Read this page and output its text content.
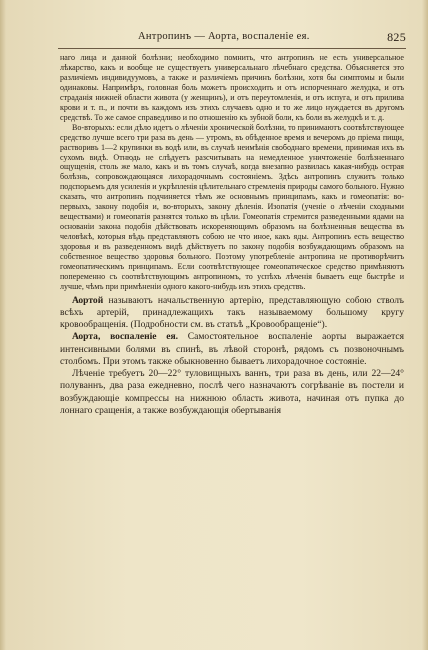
Антропинъ — Аорта, воспаленіе ея.	825

наго лица и данной болѣзни; необходимо помнить, что антропинъ не есть универсальное лѣкарство, какъ и вообще не существуетъ универсальнаго лѣчебнаго средства. Объясняется это различіемъ индивидуумовъ, а также и различіемъ причинъ болѣзни, хотя бы симптомы и были одинаковы. Напримѣръ, головная боль можетъ происходить и отъ испорченнаго желудка, и отъ страданія нижней области живота (у женщинъ), и отъ переутомленія, и отъ испуга, и отъ прилива крови и т. п., и почти въ каждомъ изъ этихъ случаевъ одно и то же лицо нуждается въ другомъ средствѣ. То же самое справедливо и по отношенію къ зубной боли, къ боли въ желудкѣ и т. д.

Во-вторыхъ: если дѣло идетъ о лѣченіи хронической болѣзни, то принимаютъ соотвѣтствующее средство лучше всего три раза въ день — утромъ, въ обѣденное время и вечеромъ до пріема пищи, растворивъ 1—2 крупинки въ водѣ или, въ случаѣ неимѣнія свободнаго времени, принимая ихъ въ сухомъ видѣ. Отнюдь не слѣдуетъ разсчитывать на немедленное уничтоженіе болѣзненнаго ощущенія, столь же мало, какъ и въ томъ случаѣ, когда внезапно развилась какая-нибудь острая болѣзнь, сопровождающаяся лихорадочнымъ состояніемъ. Здѣсь антропинъ служитъ только подспорьемъ для усиленія и укрѣпленія цѣлительнаго стремленія природы самого больного. Нужно сказать, что антропинъ подчиняется тѣмъ же основнымъ принципамъ, какъ и гомеопатія: во-первыхъ, закону подобія и, во-вторыхъ, закону дѣленія. Изопатія (ученіе о лѣченіи сходными веществами) и гомеопатія разнятся только въ цѣли. Гомеопатія стремится разведенными ядами на основаніи закона подобія дѣйствовать искореняющимъ образомъ на болѣзненныя вещества въ человѣкѣ, которыя вѣдь представляютъ собою не что иное, какъ яды. Антропинъ есть вещество здоровья и въ разведенномъ видѣ дѣйствуетъ по закону подобія возбуждающимъ образомъ на собственное вещество здоровья больного. Поэтому употребленіе антропина не противорѣчитъ гомеопатическимъ принципамъ. Если соотвѣтствующее гомеопатическое средство примѣняютъ попеременно съ соотвѣтствующимъ антропиномъ, то успѣхъ лѣченія бываетъ еще быстрѣе и лучше, чѣмъ при примѣненіи одного какого-нибудь изъ этихъ средствъ.

Аортой называютъ начальственную артерію, представляющую собою стволъ всѣхъ артерій, принадлежащихъ такъ называемому большому кругу кровообращенія. (Подробности см. въ статьѣ „Кровообращеніе“).

Аорта, воспаленіе ея. Самостоятельное воспаленіе аорты выражается интенсивными болями въ спинѣ, въ лѣвой сторонѣ, рядомъ съ позвоночнымъ столбомъ. При этомъ также обыкновенно бываетъ лихорадочное состояніе.

Лѣченіе требуетъ 20—22° туловищныхъ ваннъ, три раза въ день, или 22—24° полуваннъ, два раза ежедневно, послѣ чего назначаютъ согрѣваніе въ постели и возбуждающіе компрессы на нижнюю область живота, начиная отъ пупка до лоннаго сращенія, а также возбуждающія обертыванія
